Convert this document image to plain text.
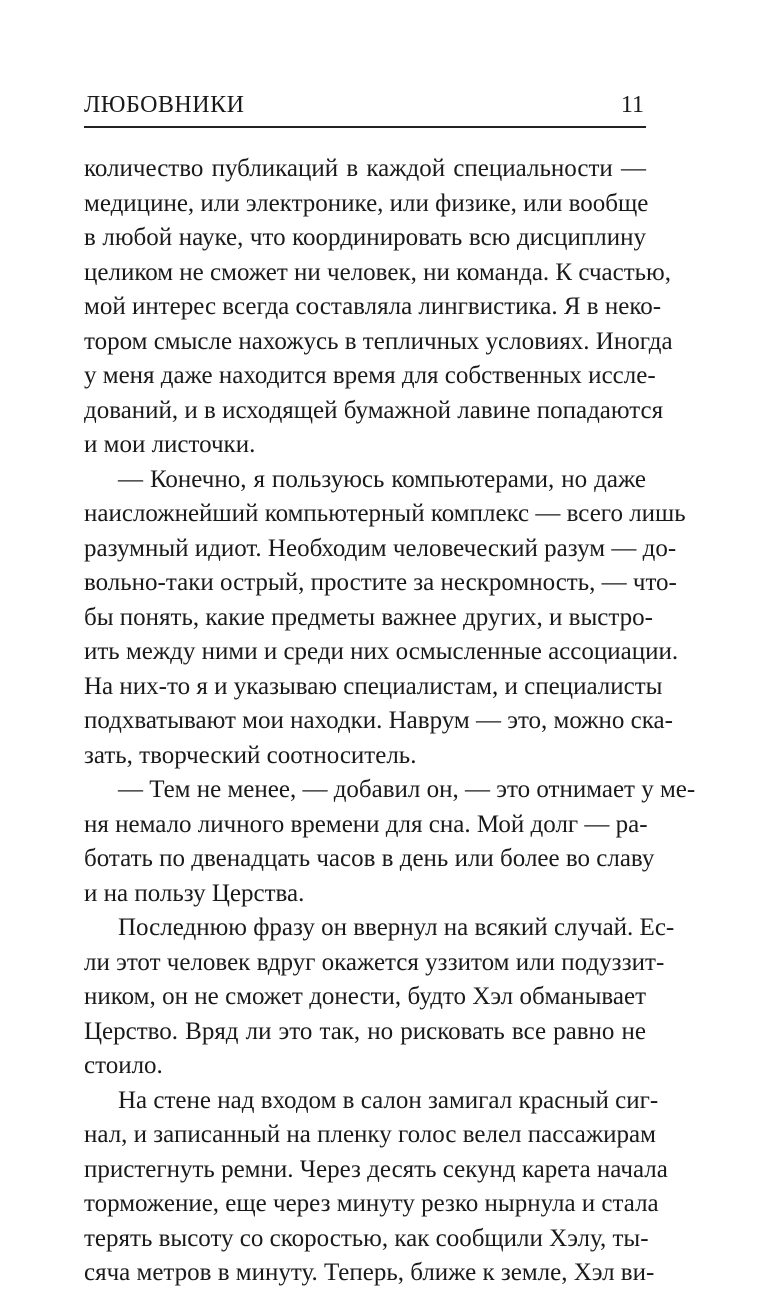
ЛЮБОВНИКИ	11
количество публикаций в каждой специальности —
медицине, или электронике, или физике, или вообще
в любой науке, что координировать всю дисциплину
целиком не сможет ни человек, ни команда. К счастью,
мой интерес всегда составляла лингвистика. Я в неко-
тором смысле нахожусь в тепличных условиях. Иногда
у меня даже находится время для собственных иссле-
дований, и в исходящей бумажной лавине попадаются
и мои листочки.
— Конечно, я пользуюсь компьютерами, но даже
наисложнейший компьютерный комплекс — всего лишь
разумный идиот. Необходим человеческий разум — до-
вольно-таки острый, простите за нескромность, — что-
бы понять, какие предметы важнее других, и выстро-
ить между ними и среди них осмысленные ассоциации.
На них-то я и указываю специалистам, и специалисты
подхватывают мои находки. Наврум — это, можно ска-
зать, творческий соотноситель.
— Тем не менее, — добавил он, — это отнимает у ме-
ня немало личного времени для сна. Мой долг — ра-
ботать по двенадцать часов в день или более во славу
и на пользу Церства.
Последнюю фразу он ввернул на всякий случай. Ес-
ли этот человек вдруг окажется уззитом или подуззит-
ником, он не сможет донести, будто Хэл обманывает
Церство. Вряд ли это так, но рисковать все равно не
стоило.
На стене над входом в салон замигал красный сиг-
нал, и записанный на пленку голос велел пассажирам
пристегнуть ремни. Через десять секунд карета начала
торможение, еще через минуту резко нырнула и стала
терять высоту со скоростью, как сообщили Хэлу, ты-
сяча метров в минуту. Теперь, ближе к земле, Хэл ви-
